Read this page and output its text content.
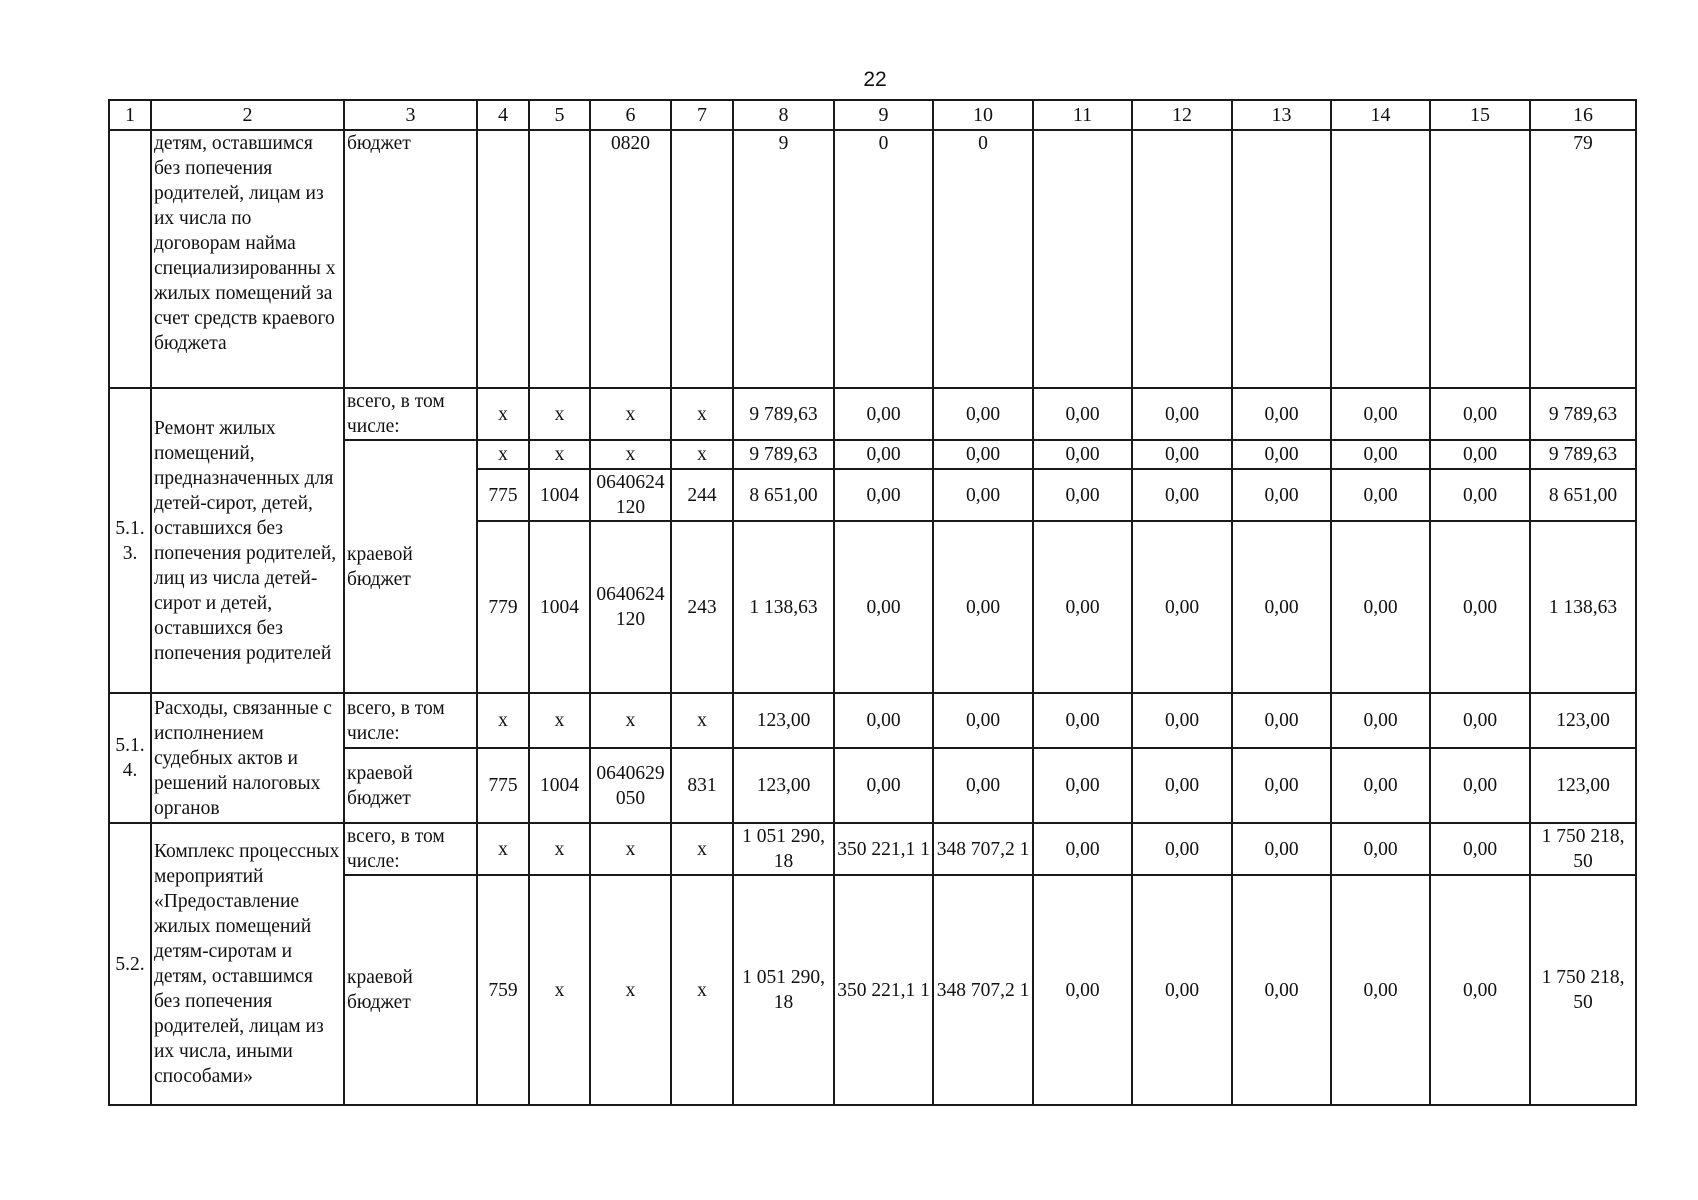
22
1	2	3	4	5	6	7	8	9	10	11	12	13	14	15	16
	детям, оставшимся без попечения родителей, лицам из их числа по договорам найма специализированны х жилых помещений за счет средств краевого бюджета	бюджет			0820		9	0	0						79
5.1. 3.	Ремонт жилых помещений, предназначенных для детей-сирот, детей, оставшихся без попечения родителей, лиц из числа детей-сирот и детей, оставшихся без попечения родителей	всего, в том числе:	x	x	x	x	9 789,63	0,00	0,00	0,00	0,00	0,00	0,00	0,00	9 789,63
		краевой бюджет	x	x	x	x	9 789,63	0,00	0,00	0,00	0,00	0,00	0,00	0,00	9 789,63
			775	1004	0640624 120	244	8 651,00	0,00	0,00	0,00	0,00	0,00	0,00	0,00	8 651,00
			779	1004	0640624 120	243	1 138,63	0,00	0,00	0,00	0,00	0,00	0,00	0,00	1 138,63
5.1. 4.	Расходы, связанные с исполнением судебных актов и решений налоговых органов	всего, в том числе:	x	x	x	x	123,00	0,00	0,00	0,00	0,00	0,00	0,00	0,00	123,00
		краевой бюджет	775	1004	0640629 050	831	123,00	0,00	0,00	0,00	0,00	0,00	0,00	0,00	123,00
5.2.	Комплекс процессных мероприятий «Предоставление жилых помещений детям-сиротам и детям, оставшимся без попечения родителей, лицам из их числа, иными способами»	всего, в том числе:	x	x	x	x	1 051 290, 18	350 221,1 1	348 707,2 1	0,00	0,00	0,00	0,00	0,00	1 750 218, 50
		краевой бюджет	759	x	x	x	1 051 290, 18	350 221,1 1	348 707,2 1	0,00	0,00	0,00	0,00	0,00	1 750 218, 50
